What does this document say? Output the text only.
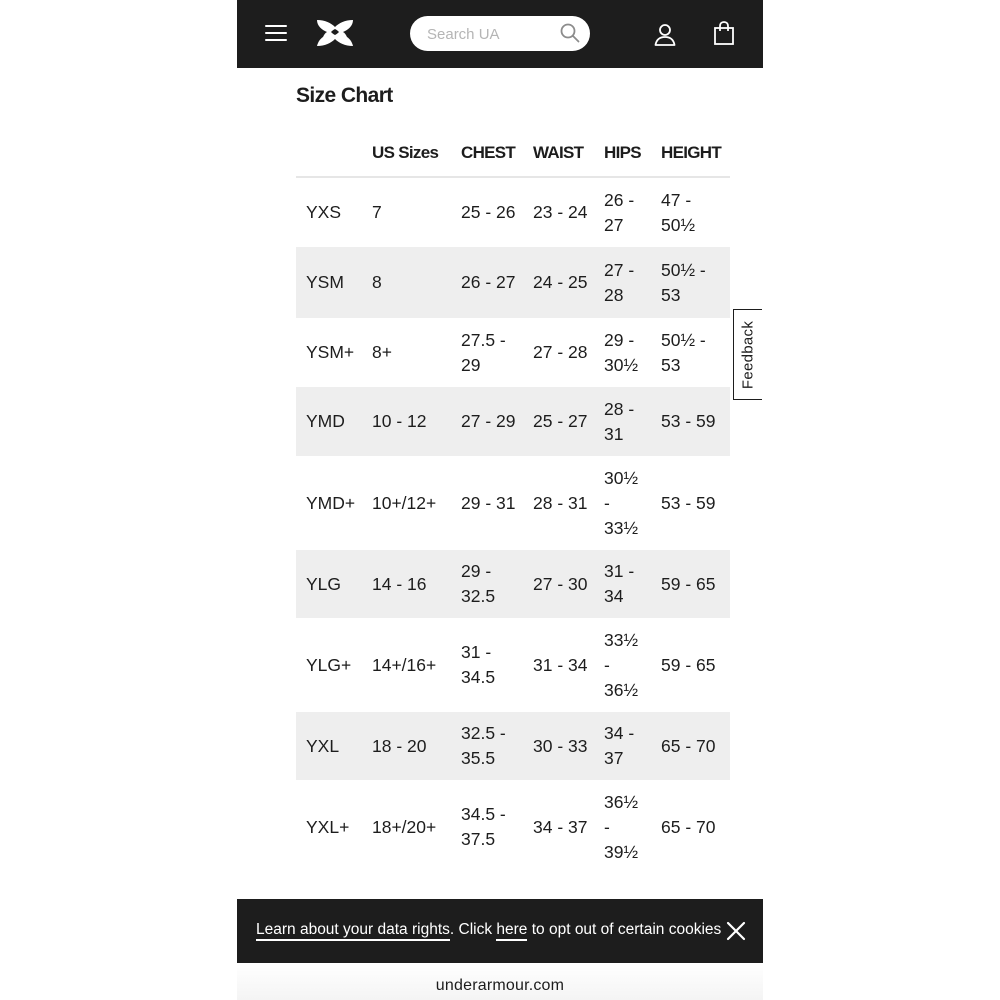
Search UA
Size Chart
	US Sizes	CHEST	WAIST	HIPS	HEIGHT
YXS	7	25 - 26	23 - 24	26 - 27	47 - 50½
YSM	8	26 - 27	24 - 25	27 - 28	50½ - 53
YSM+	8+	27.5 - 29	27 - 28	29 - 30½	50½ - 53
YMD	10 - 12	27 - 29	25 - 27	28 - 31	53 - 59
YMD+	10+/12+	29 - 31	28 - 31	30½ - 33½	53 - 59
YLG	14 - 16	29 - 32.5	27 - 30	31 - 34	59 - 65
YLG+	14+/16+	31 - 34.5	31 - 34	33½ - 36½	59 - 65
YXL	18 - 20	32.5 - 35.5	30 - 33	34 - 37	65 - 70
YXL+	18+/20+	34.5 - 37.5	34 - 37	36½ - 39½	65 - 70
Feedback
Learn about your data rights. Click here to opt out of certain cookies
underarmour.com
